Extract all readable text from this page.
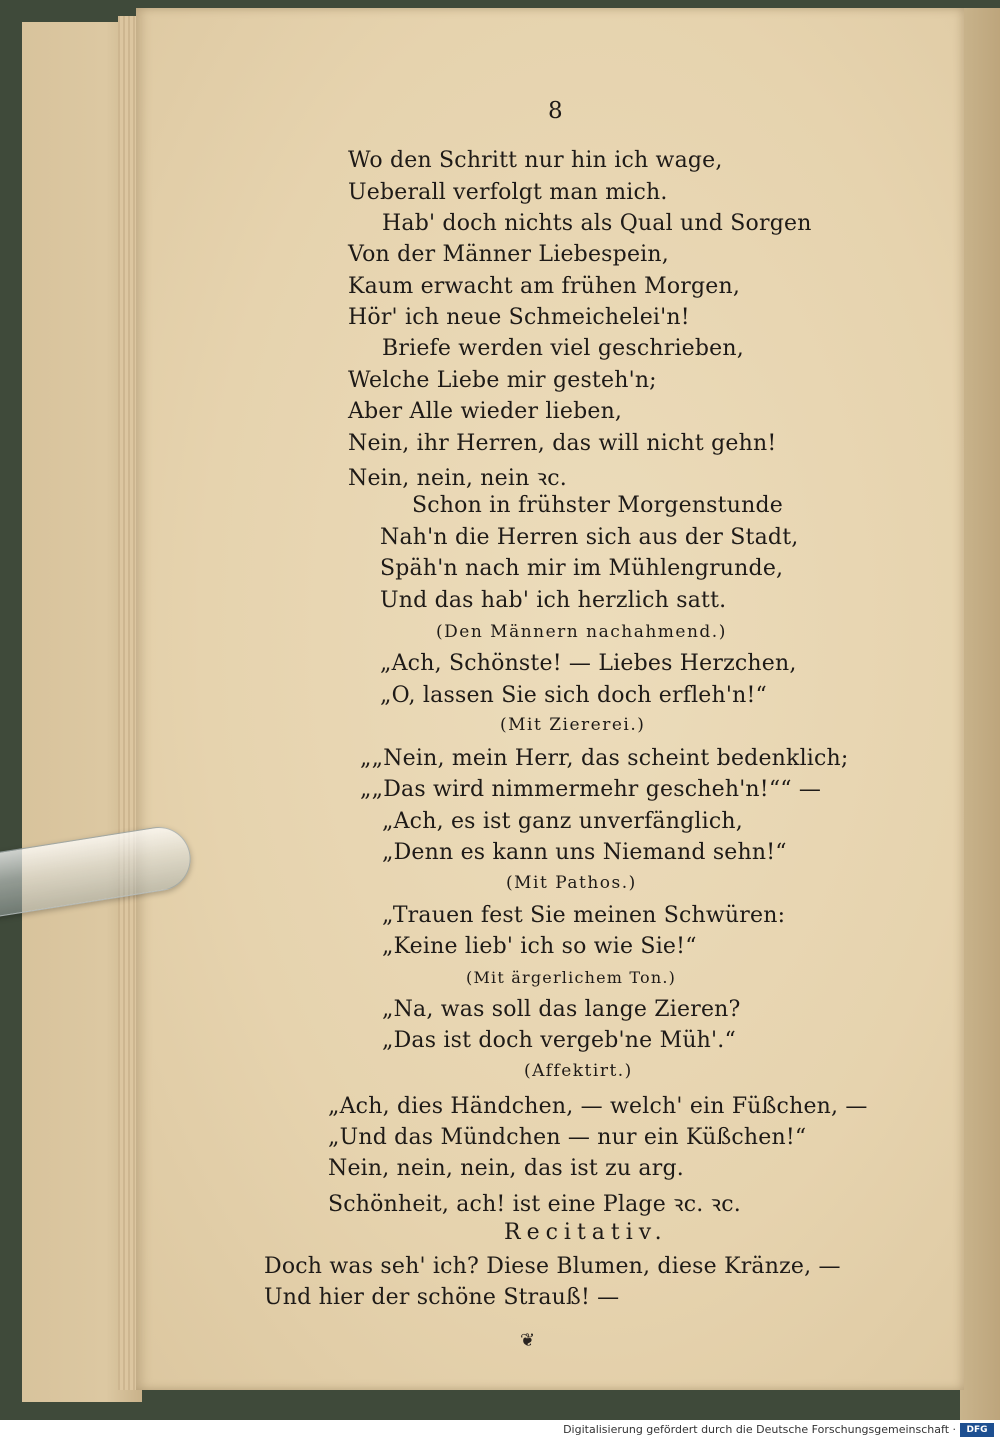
8
Wo den Schritt nur hin ich wage,
Ueberall verfolgt man mich.
Hab' doch nichts als Qual und Sorgen
Von der Männer Liebespein,
Kaum erwacht am frühen Morgen,
Hör' ich neue Schmeichelei'n!
Briefe werden viel geschrieben,
Welche Liebe mir gesteh'n;
Aber Alle wieder lieben,
Nein, ihr Herren, das will nicht gehn!
Nein, nein, nein ꝛc.
Schon in frühster Morgenstunde
Nah'n die Herren sich aus der Stadt,
Späh'n nach mir im Mühlengrunde,
Und das hab' ich herzlich satt.
(Den Männern nachahmend.)
„Ach, Schönste! — Liebes Herzchen,
„O, lassen Sie sich doch erfleh'n!“
(Mit Ziererei.)
„„Nein, mein Herr, das scheint bedenklich;
„„Das wird nimmermehr gescheh'n!““ —
„Ach, es ist ganz unverfänglich,
„Denn es kann uns Niemand sehn!“
(Mit Pathos.)
„Trauen fest Sie meinen Schwüren:
„Keine lieb' ich so wie Sie!“
(Mit ärgerlichem Ton.)
„Na, was soll das lange Zieren?
„Das ist doch vergeb'ne Müh'.“
(Affektirt.)
„Ach, dies Händchen, — welch' ein Füßchen, —
„Und das Mündchen — nur ein Küßchen!“
Nein, nein, nein, das ist zu arg.
Schönheit, ach! ist eine Plage ꝛc. ꝛc.
Recitativ.
Doch was seh' ich? Diese Blumen, diese Kränze, —
Und hier der schöne Strauß! —
❦
Digitalisierung gefördert durch die Deutsche Forschungsgemeinschaft ·	DFG
